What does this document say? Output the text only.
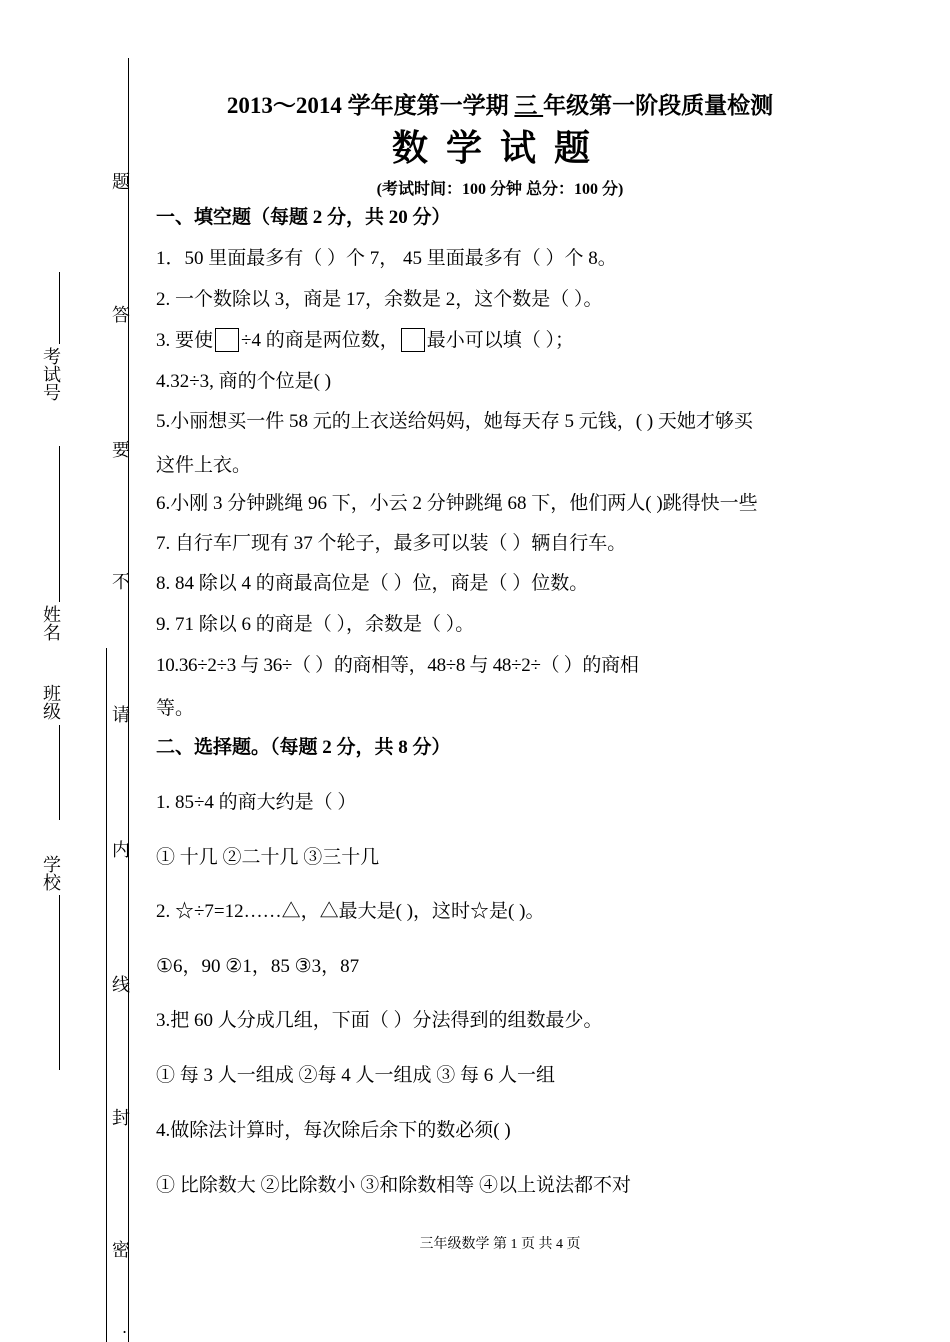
题
答
要
不
请
内
线
封
密
.
考试号
姓名
班级
学校
2013～2014 学年度第一学期 三 年级第一阶段质量检测
数学试题
(考试时间：100 分钟 总分：100 分)
一、填空题（每题 2 分，共 20 分）
1．50 里面最多有（ ）个 7， 45 里面最多有（ ）个 8。
2. 一个数除以 3，商是 17，余数是 2，这个数是（ ）。
3. 要使 ÷4 的商是两位数， 最小可以填（ ）；
4.32÷3, 商的个位是( )
5.小丽想买一件 58 元的上衣送给妈妈，她每天存 5 元钱，( ) 天她才够买
这件上衣。
6.小刚 3 分钟跳绳 96 下，小云 2 分钟跳绳 68 下，他们两人( )跳得快一些
7. 自行车厂现有 37 个轮子，最多可以装（ ）辆自行车。
8. 84 除以 4 的商最高位是（ ）位，商是（ ）位数。
9. 71 除以 6 的商是（ ），余数是（ ）。
10.36÷2÷3 与 36÷（ ）的商相等，48÷8 与 48÷2÷（ ）的商相
等。
二、选择题。（每题 2 分，共 8 分）
1. 85÷4 的商大约是（ ）
① 十几 ②二十几 ③三十几
2. ☆÷7=12……△，△最大是( )，这时☆是( )。
①6，90 ②1，85 ③3，87
3.把 60 人分成几组，下面（ ）分法得到的组数最少。
① 每 3 人一组成 ②每 4 人一组成 ③ 每 6 人一组
4.做除法计算时，每次除后余下的数必须( )
① 比除数大 ②比除数小 ③和除数相等 ④以上说法都不对
三年级数学 第 1 页 共 4 页
